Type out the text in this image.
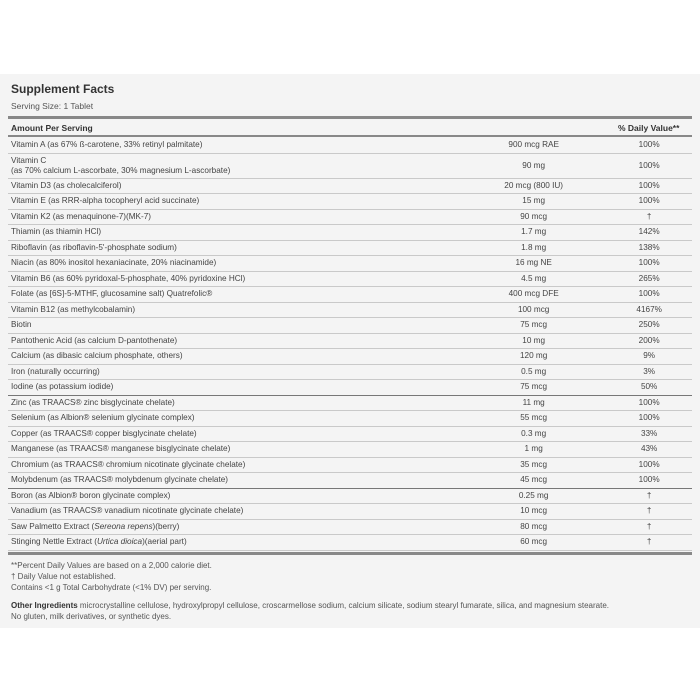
Supplement Facts
Serving Size: 1 Tablet
Amount Per Serving	% Daily Value**
Vitamin A (as 67% ß-carotene, 33% retinyl palmitate)	900 mcg RAE	100%
Vitamin C
(as 70% calcium L-ascorbate, 30% magnesium L-ascorbate)	90 mg	100%
Vitamin D3 (as cholecalciferol)	20 mcg (800 IU)	100%
Vitamin E (as RRR-alpha tocopheryl acid succinate)	15 mg	100%
Vitamin K2 (as menaquinone-7)(MK-7)	90 mcg	†
Thiamin (as thiamin HCl)	1.7 mg	142%
Riboflavin (as riboflavin-5'-phosphate sodium)	1.8 mg	138%
Niacin (as 80% inositol hexaniacinate, 20% niacinamide)	16 mg NE	100%
Vitamin B6 (as 60% pyridoxal-5-phosphate, 40% pyridoxine HCl)	4.5 mg	265%
Folate (as [6S]-5-MTHF, glucosamine salt) Quatrefolic®	400 mcg DFE	100%
Vitamin B12 (as methylcobalamin)	100 mcg	4167%
Biotin	75 mcg	250%
Pantothenic Acid (as calcium D-pantothenate)	10 mg	200%
Calcium (as dibasic calcium phosphate, others)	120 mg	9%
Iron (naturally occurring)	0.5 mg	3%
Iodine (as potassium iodide)	75 mcg	50%
Zinc (as TRAACS® zinc bisglycinate chelate)	11 mg	100%
Selenium (as Albion® selenium glycinate complex)	55 mcg	100%
Copper (as TRAACS® copper bisglycinate chelate)	0.3 mg	33%
Manganese (as TRAACS® manganese bisglycinate chelate)	1 mg	43%
Chromium (as TRAACS® chromium nicotinate glycinate chelate)	35 mcg	100%
Molybdenum (as TRAACS® molybdenum glycinate chelate)	45 mcg	100%
Boron (as Albion® boron glycinate complex)	0.25 mg	†
Vanadium (as TRAACS® vanadium nicotinate glycinate chelate)	10 mcg	†
Saw Palmetto Extract (Sereona repens)(berry)	80 mcg	†
Stinging Nettle Extract (Urtica dioica)(aerial part)	60 mcg	†
**Percent Daily Values are based on a 2,000 calorie diet.
† Daily Value not established.
Contains <1 g Total Carbohydrate (<1% DV) per serving.
Other Ingredients microcrystalline cellulose, hydroxylpropyl cellulose, croscarmellose sodium, calcium silicate, sodium stearyl fumarate, silica, and magnesium stearate.
No gluten, milk derivatives, or synthetic dyes.
